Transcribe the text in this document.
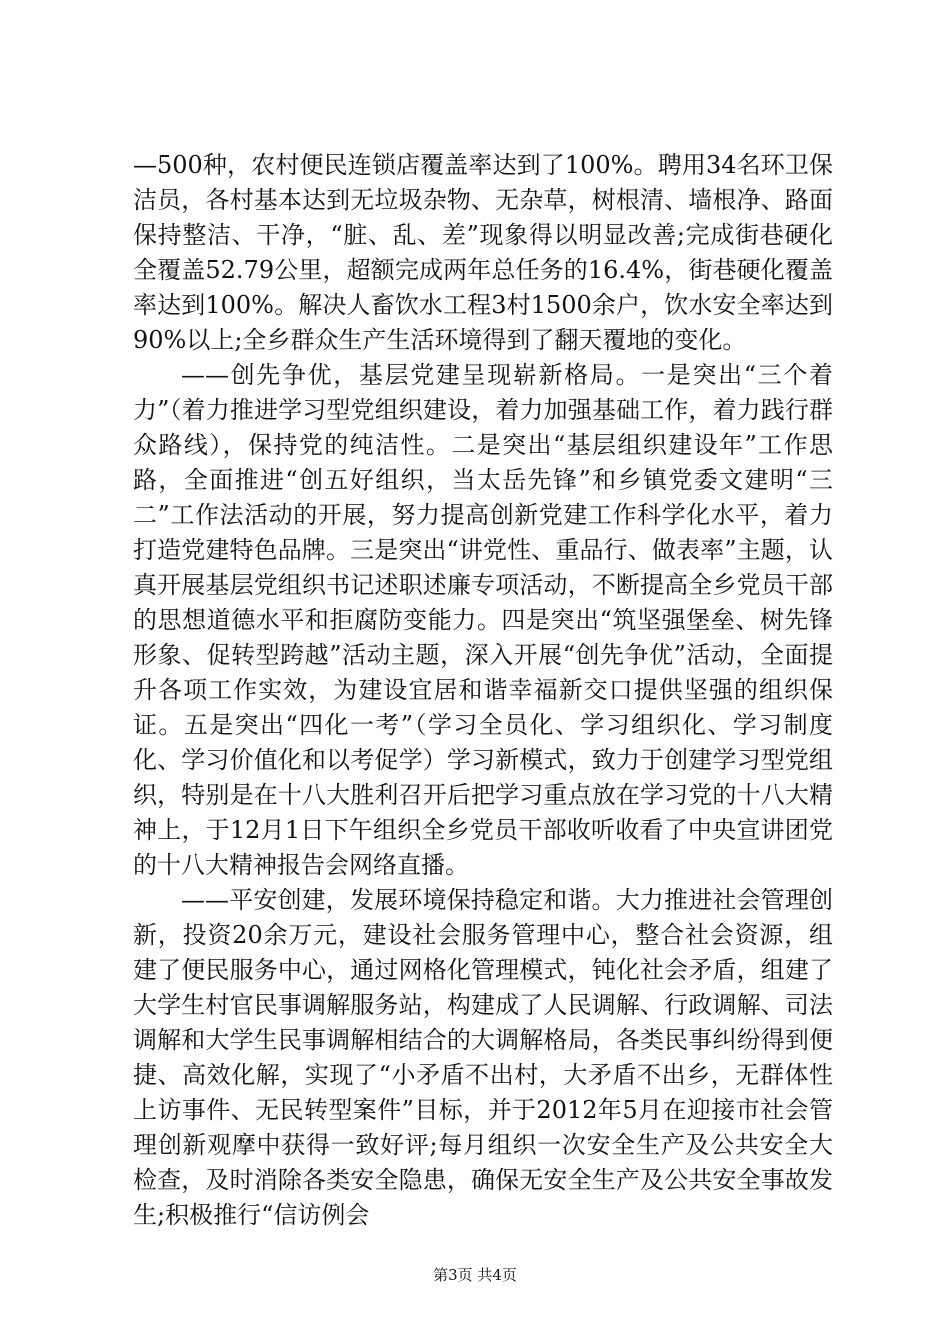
—500种，农村便民连锁店覆盖率达到了100%。聘用34名环卫保洁员，各村基本达到无垃圾杂物、无杂草，树根清、墙根净、路面保持整洁、干净，“脏、乱、差”现象得以明显改善;完成街巷硬化全覆盖52.79公里，超额完成两年总任务的16.4%，街巷硬化覆盖率达到100%。解决人畜饮水工程3村1500余户，饮水安全率达到90%以上;全乡群众生产生活环境得到了翻天覆地的变化。

——创先争优，基层党建呈现崭新格局。一是突出“三个着力”（着力推进学习型党组织建设，着力加强基础工作，着力践行群众路线），保持党的纯洁性。二是突出“基层组织建设年”工作思路，全面推进“创五好组织，当太岳先锋”和乡镇党委文建明“三二”工作法活动的开展，努力提高创新党建工作科学化水平，着力打造党建特色品牌。三是突出“讲党性、重品行、做表率”主题，认真开展基层党组织书记述职述廉专项活动，不断提高全乡党员干部的思想道德水平和拒腐防变能力。四是突出“筑坚强堡垒、树先锋形象、促转型跨越”活动主题，深入开展“创先争优”活动，全面提升各项工作实效，为建设宜居和谐幸福新交口提供坚强的组织保证。五是突出“四化一考”（学习全员化、学习组织化、学习制度化、学习价值化和以考促学）学习新模式，致力于创建学习型党组织，特别是在十八大胜利召开后把学习重点放在学习党的十八大精神上，于12月1日下午组织全乡党员干部收听收看了中央宣讲团党的十八大精神报告会网络直播。

——平安创建，发展环境保持稳定和谐。大力推进社会管理创新，投资20余万元，建设社会服务管理中心，整合社会资源，组建了便民服务中心，通过网格化管理模式，钝化社会矛盾，组建了大学生村官民事调解服务站，构建成了人民调解、行政调解、司法调解和大学生民事调解相结合的大调解格局，各类民事纠纷得到便捷、高效化解，实现了“小矛盾不出村，大矛盾不出乡，无群体性上访事件、无民转型案件”目标，并于2012年5月在迎接市社会管理创新观摩中获得一致好评;每月组织一次安全生产及公共安全大检查，及时消除各类安全隐患，确保无安全生产及公共安全事故发生;积极推行“信访例会

第3页 共4页
